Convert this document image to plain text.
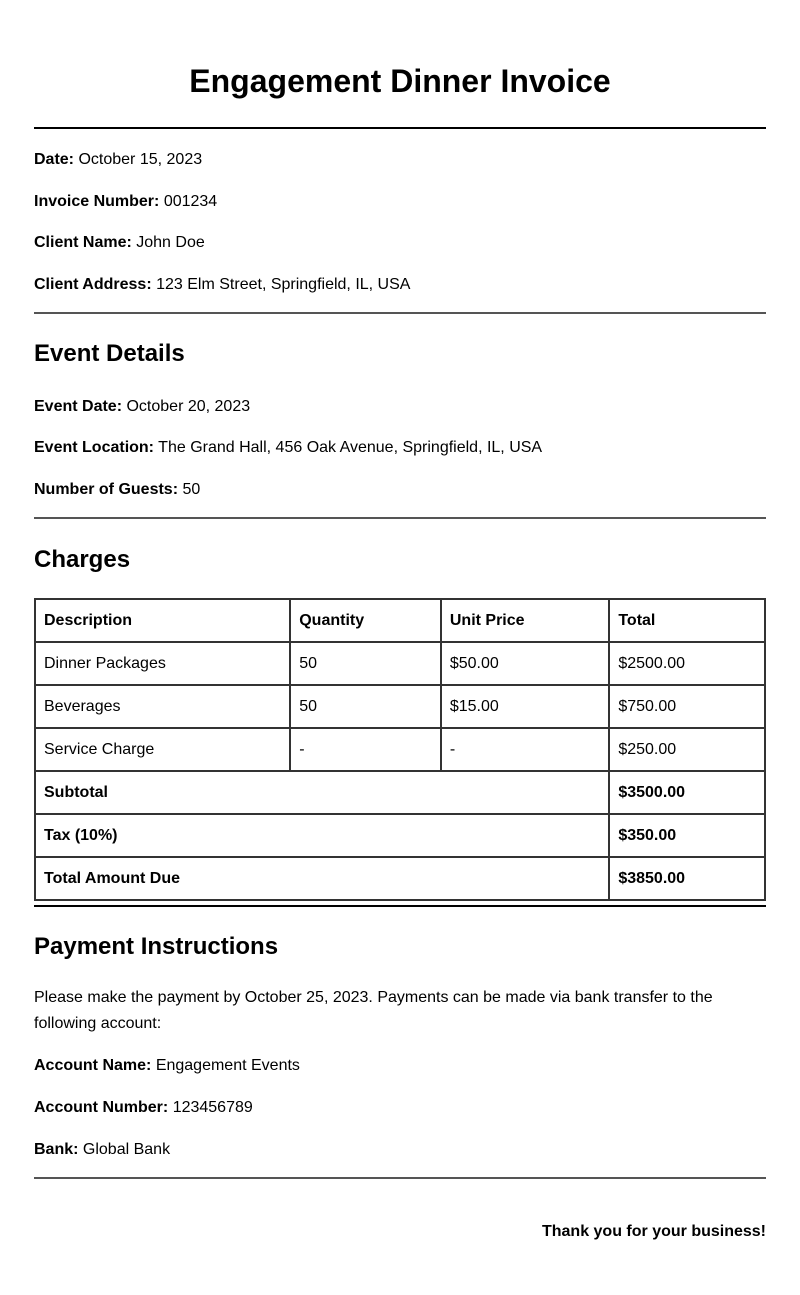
Engagement Dinner Invoice
Date: October 15, 2023
Invoice Number: 001234
Client Name: John Doe
Client Address: 123 Elm Street, Springfield, IL, USA
Event Details
Event Date: October 20, 2023
Event Location: The Grand Hall, 456 Oak Avenue, Springfield, IL, USA
Number of Guests: 50
Charges
Description	Quantity	Unit Price	Total
Dinner Packages	50	$50.00	$2500.00
Beverages	50	$15.00	$750.00
Service Charge	-	-	$250.00
Subtotal			$3500.00
Tax (10%)			$350.00
Total Amount Due			$3850.00
Payment Instructions
Please make the payment by October 25, 2023. Payments can be made via bank transfer to the following account:
Account Name: Engagement Events
Account Number: 123456789
Bank: Global Bank
Thank you for your business!
